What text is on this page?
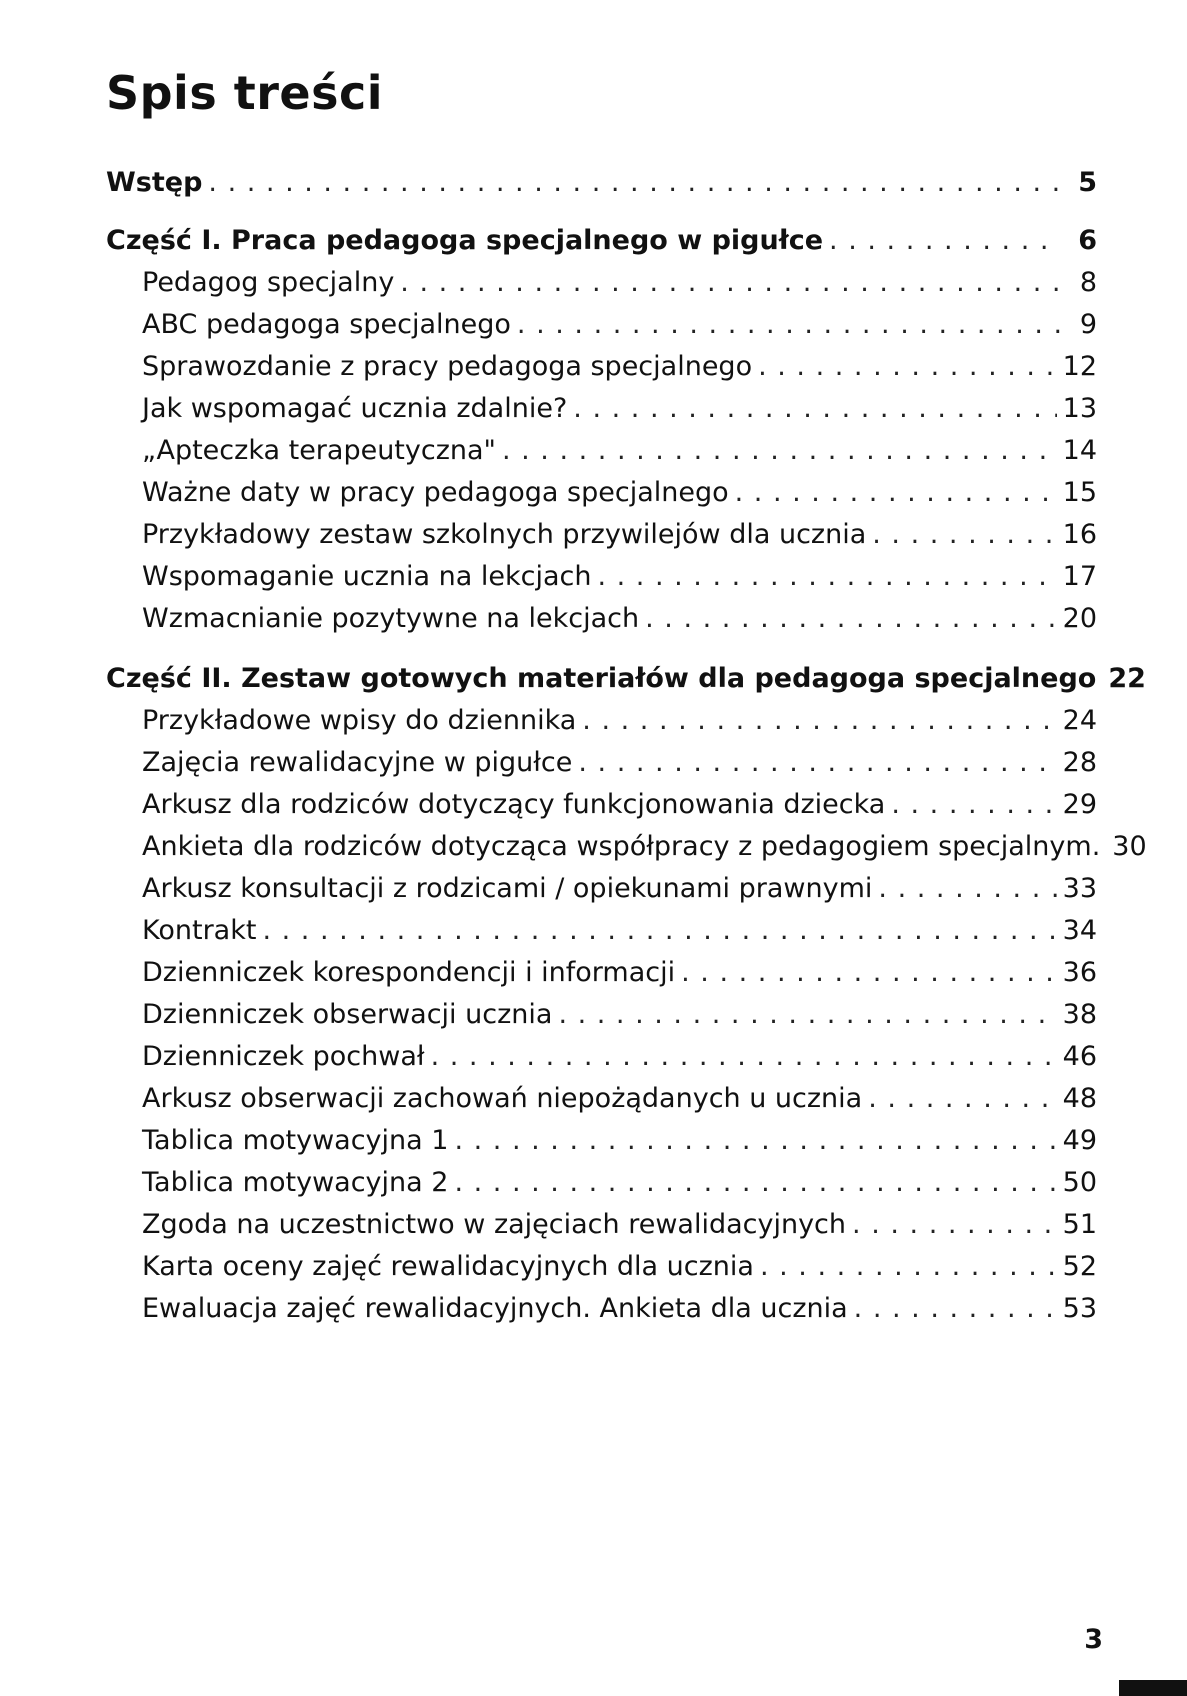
Spis treści
Wstęp . . .	5
Część I. Praca pedagoga specjalnego w pigułce . . .	6
Pedagog specjalny . . .	8
ABC pedagoga specjalnego . . .	9
Sprawozdanie z pracy pedagoga specjalnego . . .	12
Jak wspomagać ucznia zdalnie? . . .	13
„Apteczka terapeutyczna" . . .	14
Ważne daty w pracy pedagoga specjalnego . . .	15
Przykładowy zestaw szkolnych przywilejów dla ucznia . . .	16
Wspomaganie ucznia na lekcjach . . .	17
Wzmacnianie pozytywne na lekcjach . . .	20
Część II. Zestaw gotowych materiałów dla pedagoga specjalnego 22
Przykładowe wpisy do dziennika . . .	24
Zajęcia rewalidacyjne w pigułce . . .	28
Arkusz dla rodziców dotyczący funkcjonowania dziecka . . .	29
Ankieta dla rodziców dotycząca współpracy z pedagogiem specjalnym. 30
Arkusz konsultacji z rodzicami / opiekunami prawnymi . . .	33
Kontrakt . . .	34
Dzienniczek korespondencji i informacji . . .	36
Dzienniczek obserwacji ucznia . . .	38
Dzienniczek pochwał . . .	46
Arkusz obserwacji zachowań niepożądanych u ucznia . . .	48
Tablica motywacyjna 1 . . .	49
Tablica motywacyjna 2 . . .	50
Zgoda na uczestnictwo w zajęciach rewalidacyjnych . . .	51
Karta oceny zajęć rewalidacyjnych dla ucznia . . .	52
Ewaluacja zajęć rewalidacyjnych. Ankieta dla ucznia . . .	53
3
